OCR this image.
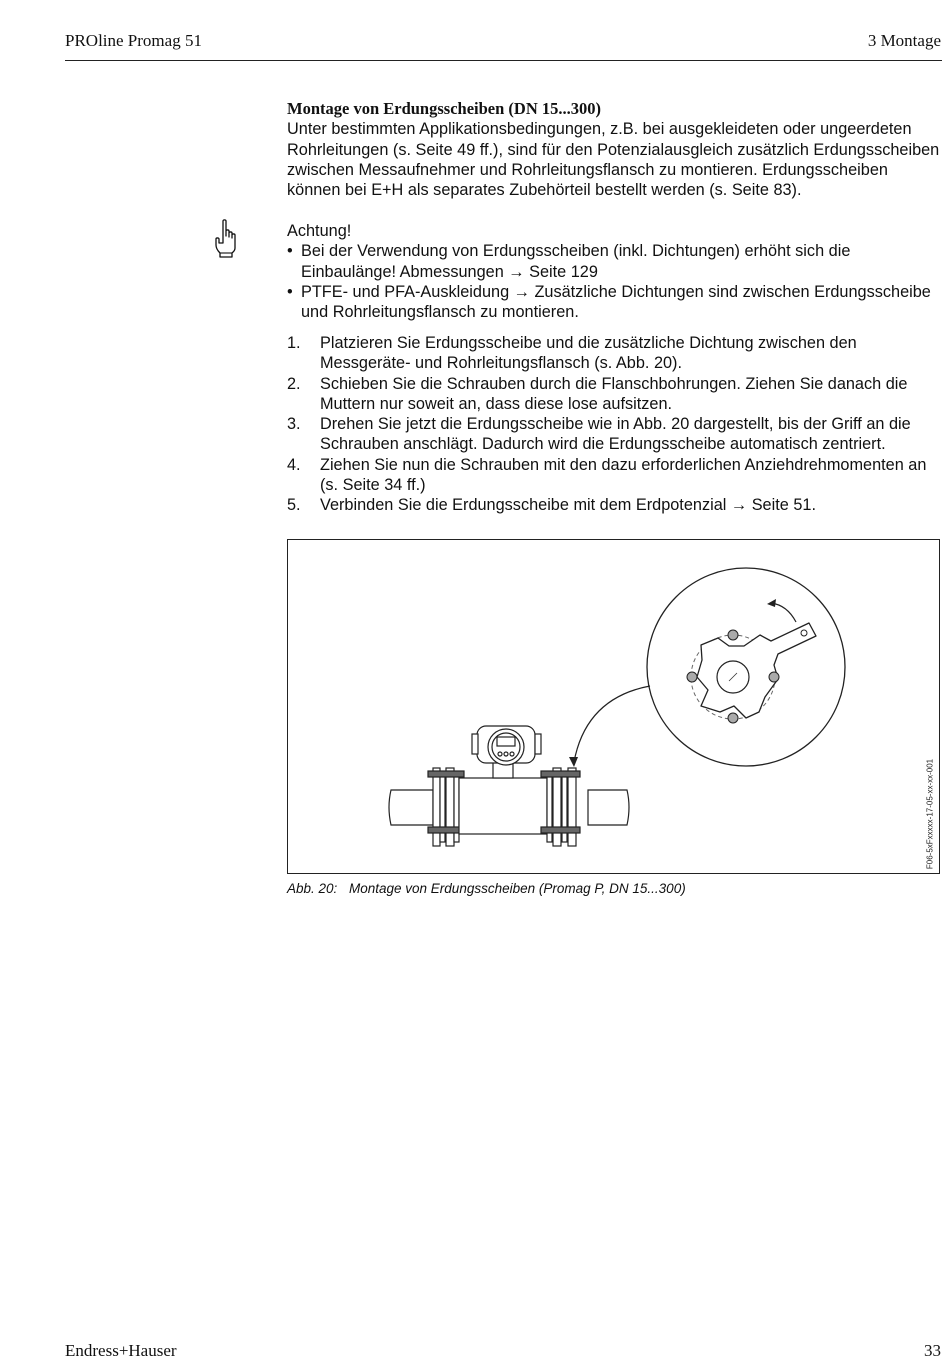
PROline Promag 51	3 Montage
Montage von Erdungsscheiben (DN 15...300)

Unter bestimmten Applikationsbedingungen, z.B. bei ausgekleideten oder ungeerdeten Rohrleitungen (s. Seite 49 ff.), sind für den Potenzialausgleich zusätzlich Erdungsscheiben zwischen Messaufnehmer und Rohrleitungsflansch zu montieren. Erdungsscheiben können bei E+H als separates Zubehörteil bestellt werden (s. Seite 83).

Achtung!

• Bei der Verwendung von Erdungsscheiben (inkl. Dichtungen) erhöht sich die Einbaulänge! Abmessungen → Seite 129
• PTFE- und PFA-Auskleidung → Zusätzliche Dichtungen sind zwischen Erdungsscheibe und Rohrleitungsflansch zu montieren.
1. Platzieren Sie Erdungsscheibe und die zusätzliche Dichtung zwischen den Messgeräte- und Rohrleitungsflansch (s. Abb. 20).
2. Schieben Sie die Schrauben durch die Flanschbohrungen. Ziehen Sie danach die Muttern nur soweit an, dass diese lose aufsitzen.
3. Drehen Sie jetzt die Erdungsscheibe wie in Abb. 20 dargestellt, bis der Griff an die Schrauben anschlägt. Dadurch wird die Erdungsscheibe automatisch zentriert.
4. Ziehen Sie nun die Schrauben mit den dazu erforderlichen Anziehdrehmomenten an (s. Seite 34 ff.)
5. Verbinden Sie die Erdungsscheibe mit dem Erdpotenzial → Seite 51.
F06-5xFxxxxx-17-05-xx-xx-001
Abb. 20: Montage von Erdungsscheiben (Promag P, DN 15...300)
Endress+Hauser	33
